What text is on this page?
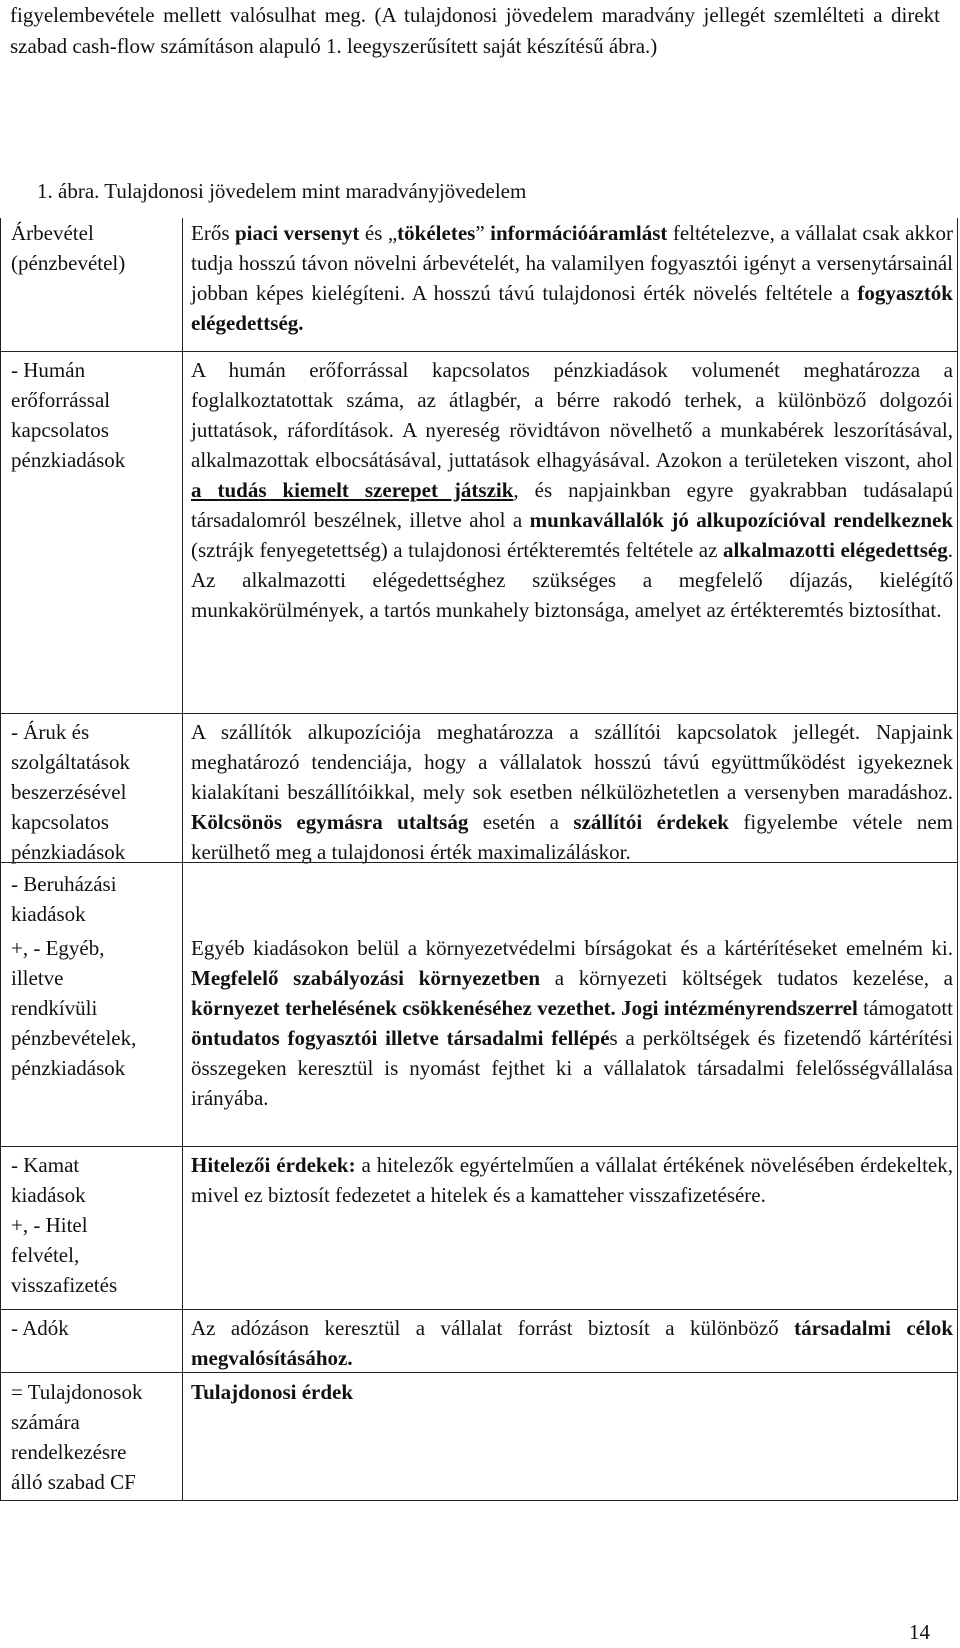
figyelembevétele mellett valósulhat meg. (A tulajdonosi jövedelem maradvány jellegét szemlélteti a direkt szabad cash-flow számításon alapuló 1. leegyszerűsített saját készítésű ábra.)

1. ábra. Tulajdonosi jövedelem mint maradványjövedelem
Árbevétel
(pénzbevétel)

Erős piaci versenyt és „tökéletes” információáramlást feltételezve, a vállalat csak akkor tudja hosszú távon növelni árbevételét, ha valamilyen fogyasztói igényt a versenytársainál jobban képes kielégíteni. A hosszú távú tulajdonosi érték növelés feltétele a fogyasztók elégedettség.

- Humán
erőforrással
kapcsolatos
pénzkiadások

A humán erőforrással kapcsolatos pénzkiadások volumenét meghatározza a foglalkoztatottak száma, az átlagbér, a bérre rakodó terhek, a különböző dolgozói juttatások, ráfordítások. A nyereség rövidtávon növelhető a munkabérek leszorításával, alkalmazottak elbocsátásával, juttatások elhagyásával. Azokon a területeken viszont, ahol a tudás kiemelt szerepet játszik, és napjainkban egyre gyakrabban tudásalapú társadalomról beszélnek, illetve ahol a munkavállalók jó alkupozícióval rendelkeznek (sztrájk fenyegetettség) a tulajdonosi értékteremtés feltétele az alkalmazotti elégedettség. Az alkalmazotti elégedettséghez szükséges a megfelelő díjazás, kielégítő munkakörülmények, a tartós munkahely biztonsága, amelyet az értékteremtés biztosíthat.

- Áruk és
szolgáltatások
beszerzésével
kapcsolatos
pénzkiadások

A szállítók alkupozíciója meghatározza a szállítói kapcsolatok jellegét. Napjaink meghatározó tendenciája, hogy a vállalatok hosszú távú együttműködést igyekeznek kialakítani beszállítóikkal, mely sok esetben nélkülözhetetlen a versenyben maradáshoz. Kölcsönös egymásra utaltság esetén a szállítói érdekek figyelembe vétele nem kerülhető meg a tulajdonosi érték maximalizáláskor.

- Beruházási
kiadások
+, - Egyéb,
illetve
rendkívüli
pénzbevételek,
pénzkiadások

Egyéb kiadásokon belül a környezetvédelmi bírságokat és a kártérítéseket emelném ki. Megfelelő szabályozási környezetben a környezeti költségek tudatos kezelése, a környezet terhelésének csökkenéséhez vezethet. Jogi intézményrendszerrel támogatott öntudatos fogyasztói illetve társadalmi fellépés a perköltségek és fizetendő kártérítési összegeken keresztül is nyomást fejthet ki a vállalatok társadalmi felelősségvállalása irányába.

- Kamat
kiadások
+, - Hitel
felvétel,
visszafizetés

Hitelezői érdekek: a hitelezők egyértelműen a vállalat értékének növelésében érdekeltek, mivel ez biztosít fedezetet a hitelek és a kamatteher visszafizetésére.

- Adók	Az adózáson keresztül a vállalat forrást biztosít a különböző társadalmi célok megvalósításához.

= Tulajdonosok
számára
rendelkezésre
álló szabad CF

Tulajdonosi érdek

14
